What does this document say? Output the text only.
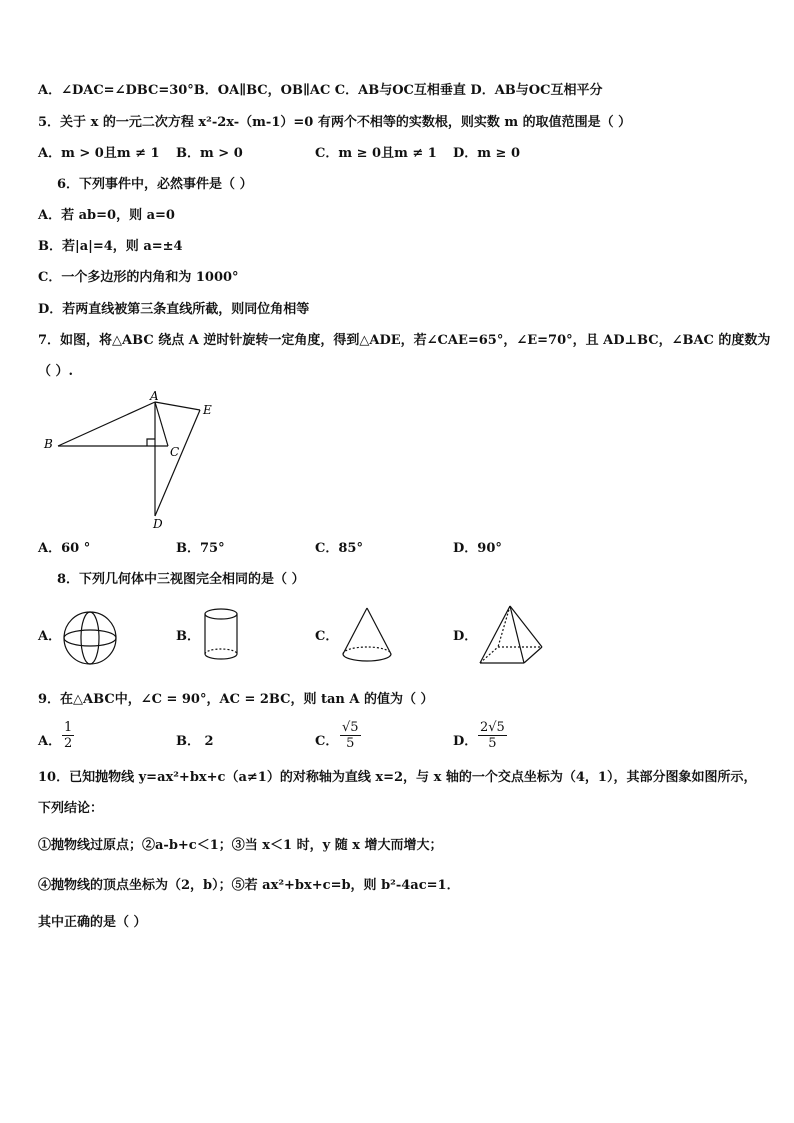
A．∠DAC=∠DBC=30°B．OA∥BC，OB∥AC C．AB与OC互相垂直 D．AB与OC互相平分
5．关于 x 的一元二次方程 x²-2x-（m-1）=0 有两个不相等的实数根，则实数 m 的取值范围是（ ）
A．m > 0且m ≠ 1 B．m > 0	C．m ≥ 0且m ≠ 1 D．m ≥ 0
6．下列事件中，必然事件是（ ）
A．若 ab=0，则 a=0
B．若|a|=4，则 a=±4
C．一个多边形的内角和为 1000°
D．若两直线被第三条直线所截，则同位角相等
7．如图，将△ABC 绕点 A 逆时针旋转一定角度，得到△ADE，若∠CAE=65°，∠E=70°，且 AD⊥BC，∠BAC 的度数为
（ ）.
A
B
C
D
E
A．60 °	B．75°	C．85°	D．90°
8．下列几何体中三视图完全相同的是（ ）
A．	B．	C．	D．
9．在△ABC中，∠C = 90°，AC = 2BC，则 tan A 的值为（ ）
A． $\frac{1}{2}$	B． 2	C． $\frac{√5}{5}$	D． $\frac{2√5}{5}$
10．已知抛物线 y=ax²+bx+c（a≠1）的对称轴为直线 x=2，与 x 轴的一个交点坐标为（4，1），其部分图象如图所示，
下列结论：
①抛物线过原点；②a-b+c＜1；③当 x＜1 时，y 随 x 增大而增大；
④抛物线的顶点坐标为（2，b）；⑤若 ax²+bx+c=b，则 b²-4ac=1．
其中正确的是（ ）
